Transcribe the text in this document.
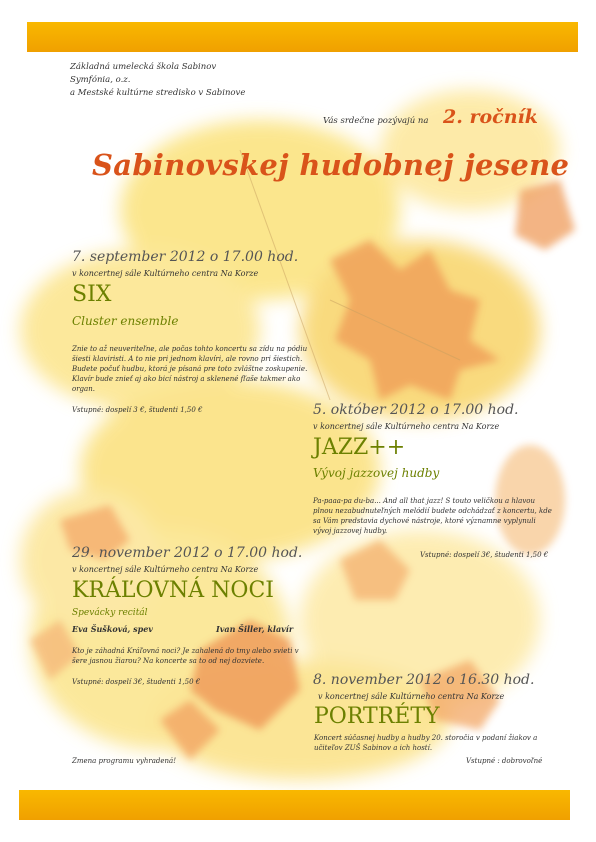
Základná umelecká škola Sabinov
Symfónia, o.z.
a Mestské kultúrne stredisko v Sabinove
Vás srdečne pozývajú na 2. ročník
Sabinovskej hudobnej jesene
7. september 2012 o 17.00 hod.
v koncertnej sále Kultúrneho centra Na Korze
SIX
Cluster ensemble
Znie to až neuveriteľne, ale počas tohto koncertu sa zídu na pódiu šiesti klaviristi. A to nie pri jednom klavíri, ale rovno pri šiestich. Budete počuť hudbu, ktorá je písaná pre toto zvláštne zoskupenie. Klavír bude znieť aj ako bicí nástroj a sklenené fľaše takmer ako organ.
Vstupné: dospelí 3 €, študenti 1,50 €	5. október 2012 o 17.00 hod.
v koncertnej sále Kultúrneho centra Na Korze
JAZZ++
Vývoj jazzovej hudby
Pa-paaa-pa du-ba... And all that jazz! S touto veličkou a hlavou plnou nezabudnuteľných melódií budete odchádzať z koncertu, kde sa Vám predstavia dychové nástroje, ktoré významne vyplynuli vývoj jazzovej hudby.
Vstupné: dospelí 3€, študenti 1,50 €
29. november 2012 o 17.00 hod.
v koncertnej sále Kultúrneho centra Na Korze
KRÁĽOVNÁ NOCI
Spevácky recitál
Eva Šušková, spev	Ivan Šiller, klavír
Kto je záhadná Kráľovná noci? Je zahalená do tmy alebo svieti v šere jasnou žiarou? Na koncerte sa to od nej dozviete.
Vstupné: dospelí 3€, študenti 1,50 €	8. november 2012 o 16.30 hod.
v koncertnej sále Kultúrneho centra Na Korze
PORTRÉTY
Koncert súčasnej hudby a hudby 20. storočia v podaní žiakov a učiteľov ZUŠ Sabinov a ich hostí.
Vstupné : dobrovoľné
Zmena programu vyhradená!
